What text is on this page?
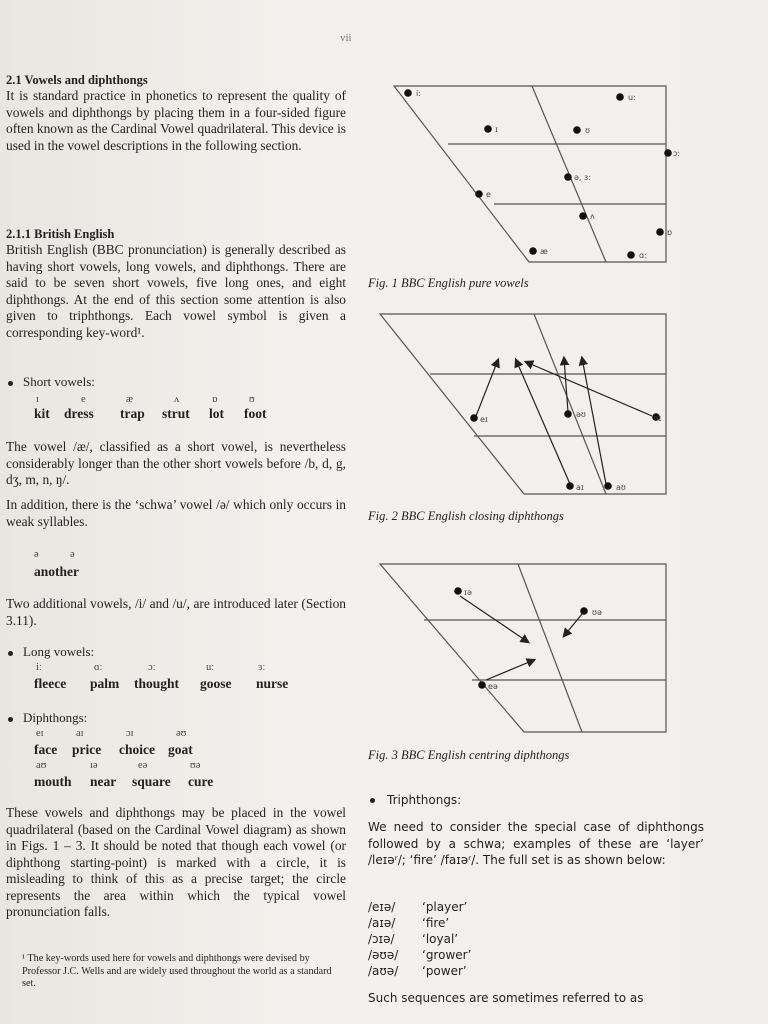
vii
2.1 Vowels and diphthongs

It is standard practice in phonetics to represent the quality of vowels and diphthongs by placing them in a four-sided figure often known as the Cardinal Vowel quadrilateral. This device is used in the vowel descriptions in the following section.

2.1.1 British English

British English (BBC pronunciation) is generally described as having short vowels, long vowels, and diphthongs. There are said to be seven short vowels, five long ones, and eight diphthongs. At the end of this section some attention is also given to triphthongs. Each vowel symbol is given a corresponding key-word¹.

Short vowels:
ɪ	e	æ	ʌ	ɒ	ʊ
kit dress trap strut lot foot

The vowel /æ/, classified as a short vowel, is nevertheless considerably longer than the other short vowels before /b, d, g, dʒ, m, n, ŋ/.

In addition, there is the ‘schwa’ vowel /ə/ which only occurs in weak syllables.

ə	ə
another

Two additional vowels, /i/ and /u/, are introduced later (Section 3.11).

Long vowels:
iː	ɑː	ɔː	uː	ɜː
fleece palm thought goose nurse
Diphthongs:
eɪ	aɪ	ɔɪ	əʊ
face price choice goat
aʊ	ɪə	eə	ʊə
mouth near square cure

These vowels and diphthongs may be placed in the vowel quadrilateral (based on the Cardinal Vowel diagram) as shown in Figs. 1 – 3. It should be noted that though each vowel (or diphthong starting-point) is marked with a circle, it is misleading to think of this as a precise target; the circle represents the area within which the typical vowel pronunciation falls.

¹ The key-words used here for vowels and diphthongs were devised by Professor J.C. Wells and are widely used throughout the world as a standard set.
iː	uː
ɪ	ʊ
ɔː
ə, ɜː
e
ʌ
ɒ
æ	ɑː
Fig. 1 BBC English pure vowels
eɪ
əʊ	ɔɪ
aɪ	aʊ
Fig. 2 BBC English closing diphthongs
ɪə
ʊə
eə
Fig. 3 BBC English centring diphthongs
Triphthongs:

We need to consider the special case of diphthongs followed by a schwa; examples of these are ‘layer’ /leɪəʳ/; ‘fire’ /faɪəʳ/. The full set is as shown below:

/eɪə/ ‘player’
/aɪə/ ‘fire’
/ɔɪə/ ‘loyal’
/əʊə/ ‘grower’
/aʊə/ ‘power’

Such sequences are sometimes referred to as
